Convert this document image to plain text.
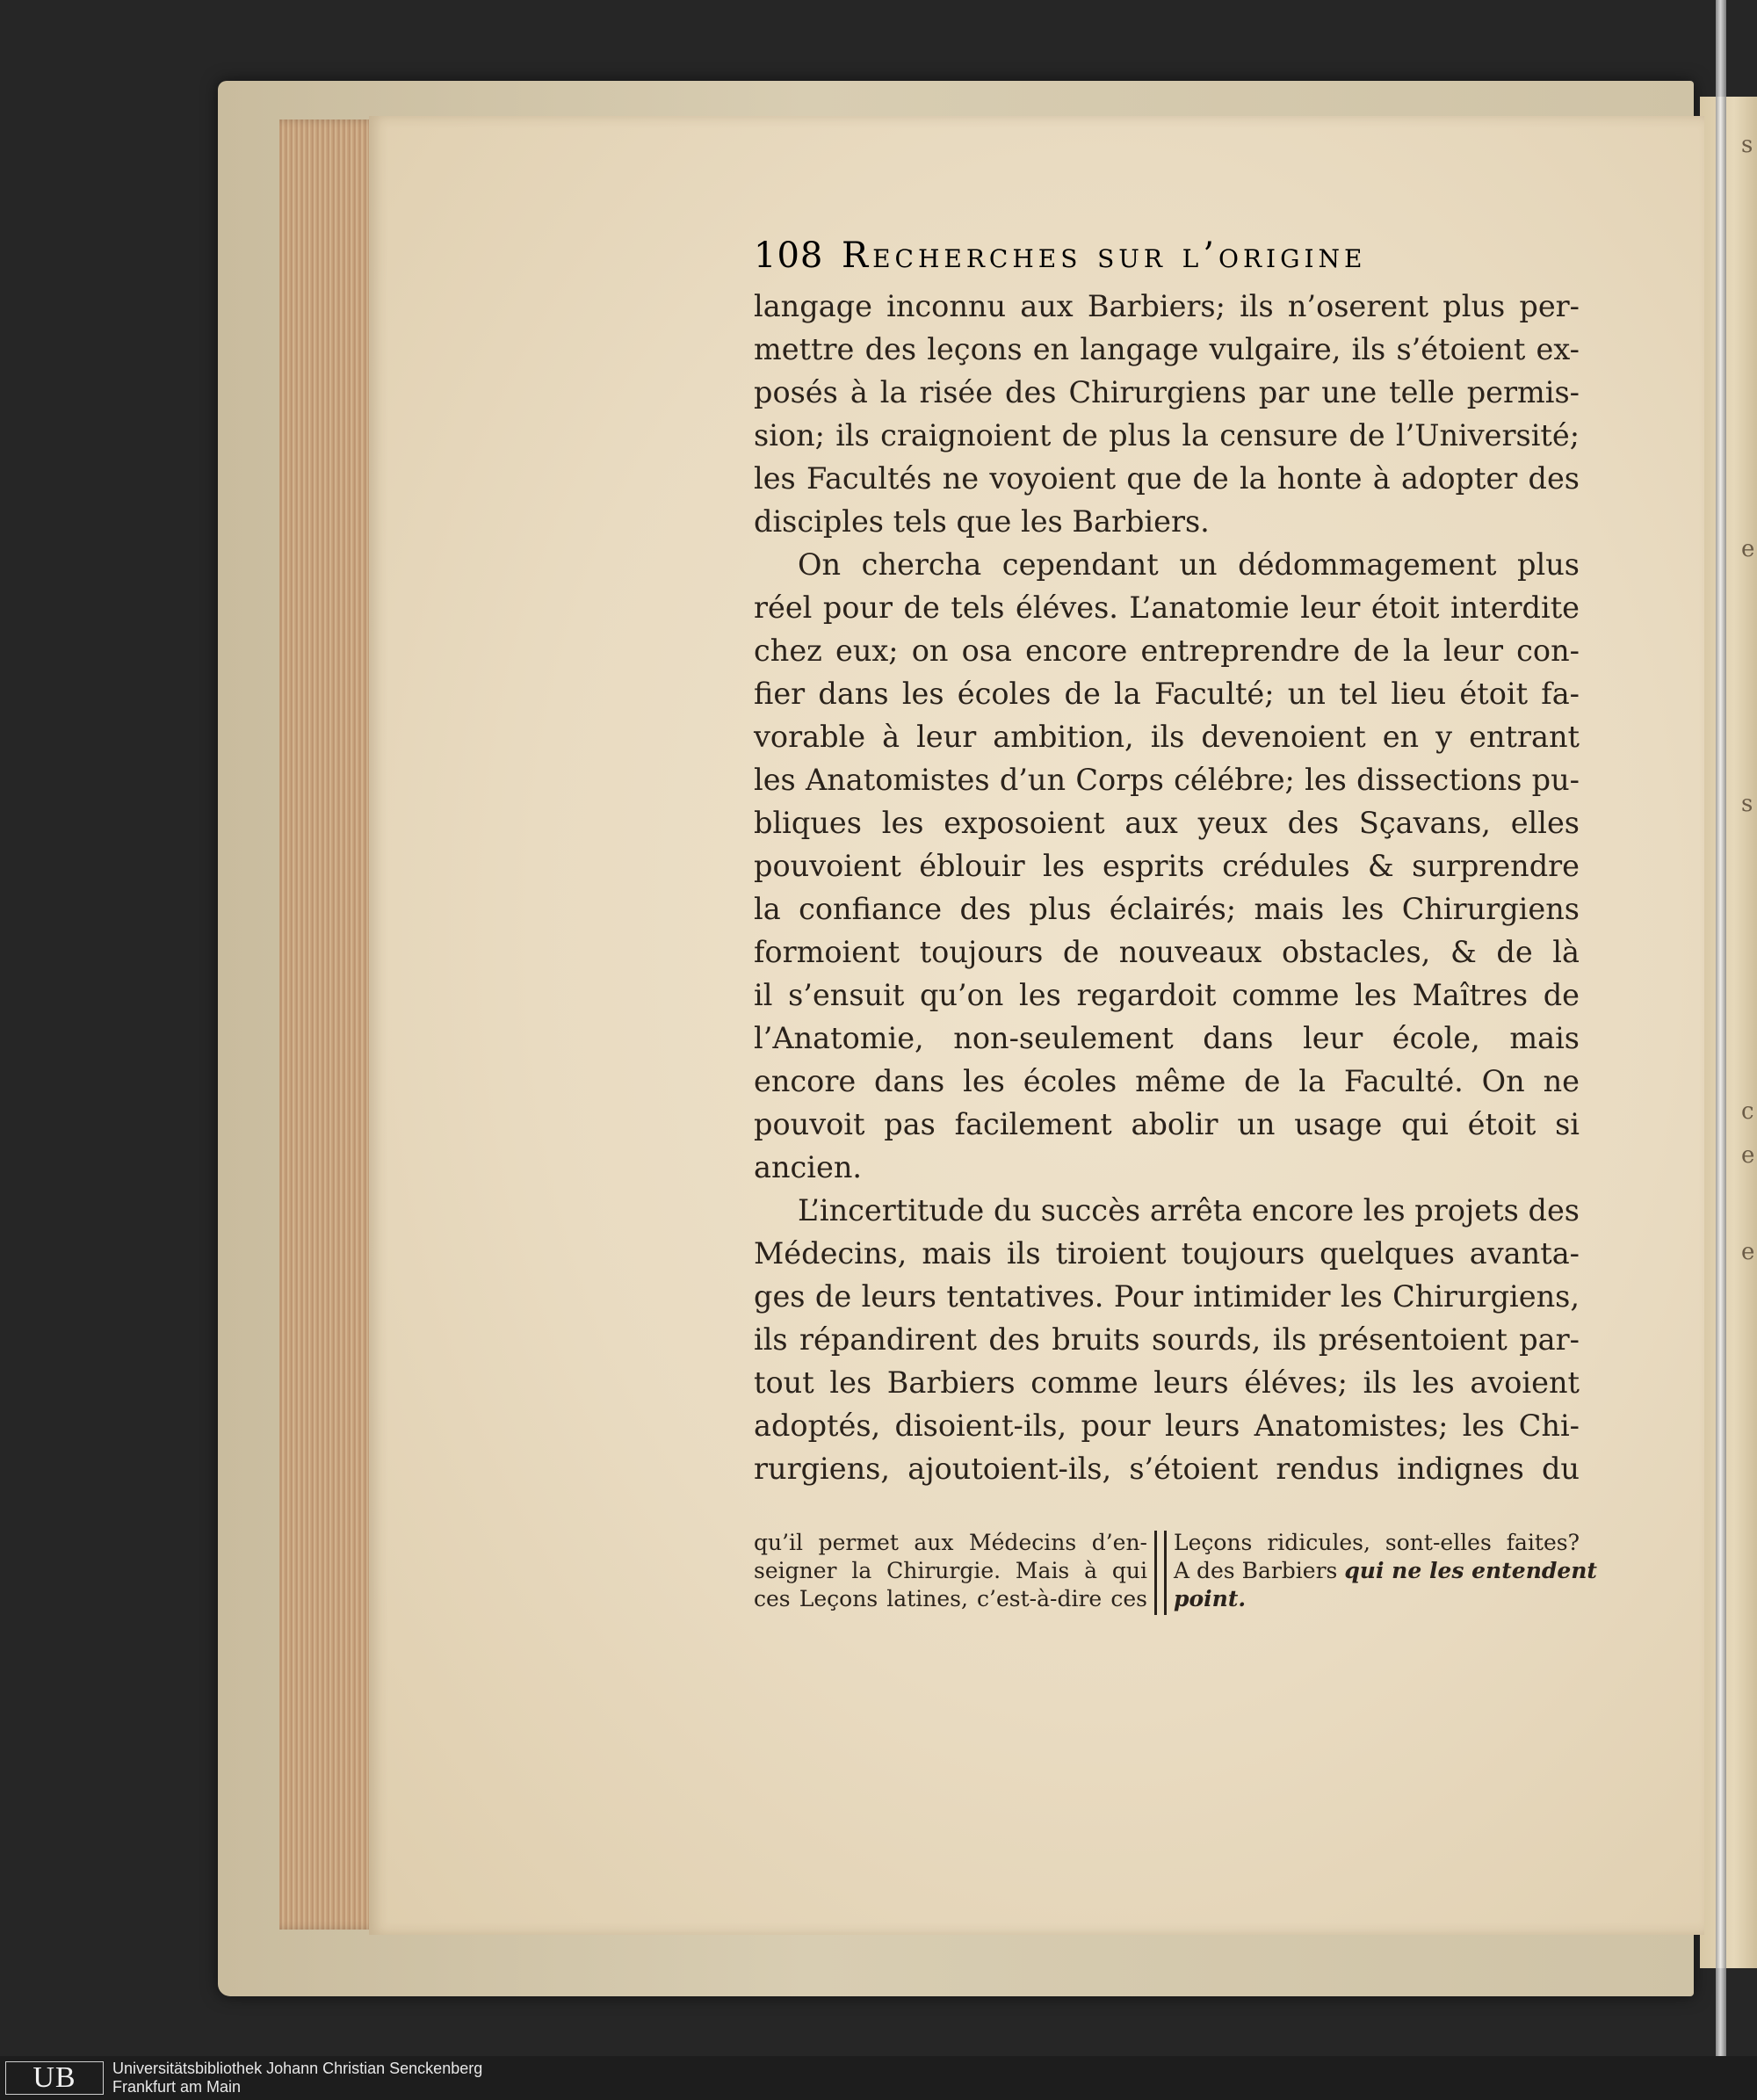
s
e
s
c
e
e
108 Recherches sur l’origine
langage inconnu aux Barbiers; ils n’oserent plus per-
mettre des leçons en langage vulgaire, ils s’étoient ex-
posés à la risée des Chirurgiens par une telle permis-
sion; ils craignoient de plus la censure de l’Université;
les Facultés ne voyoient que de la honte à adopter des
disciples tels que les Barbiers.
On chercha cependant un dédommagement plus
réel pour de tels éléves. L’anatomie leur étoit interdite
chez eux; on osa encore entreprendre de la leur con-
fier dans les écoles de la Faculté; un tel lieu étoit fa-
vorable à leur ambition, ils devenoient en y entrant
les Anatomistes d’un Corps célébre; les dissections pu-
bliques les exposoient aux yeux des Sçavans, elles
pouvoient éblouir les esprits crédules & surprendre
la confiance des plus éclairés; mais les Chirurgiens
formoient toujours de nouveaux obstacles, & de là
il s’ensuit qu’on les regardoit comme les Maîtres de
l’Anatomie, non-seulement dans leur école, mais
encore dans les écoles même de la Faculté. On ne
pouvoit pas facilement abolir un usage qui étoit si
ancien.
L’incertitude du succès arrêta encore les projets des
Médecins, mais ils tiroient toujours quelques avanta-
ges de leurs tentatives. Pour intimider les Chirurgiens,
ils répandirent des bruits sourds, ils présentoient par-
tout les Barbiers comme leurs éléves; ils les avoient
adoptés, disoient-ils, pour leurs Anatomistes; les Chi-
rurgiens, ajoutoient-ils, s’étoient rendus indignes du
qu’il permet aux Médecins d’en-
seigner la Chirurgie. Mais à qui
ces Leçons latines, c’est-à-dire ces
Leçons ridicules, sont-elles faites?
A des Barbiers qui ne les entendent
point.
UB Universitätsbibliothek Johann Christian Senckenberg
Frankfurt am Main
